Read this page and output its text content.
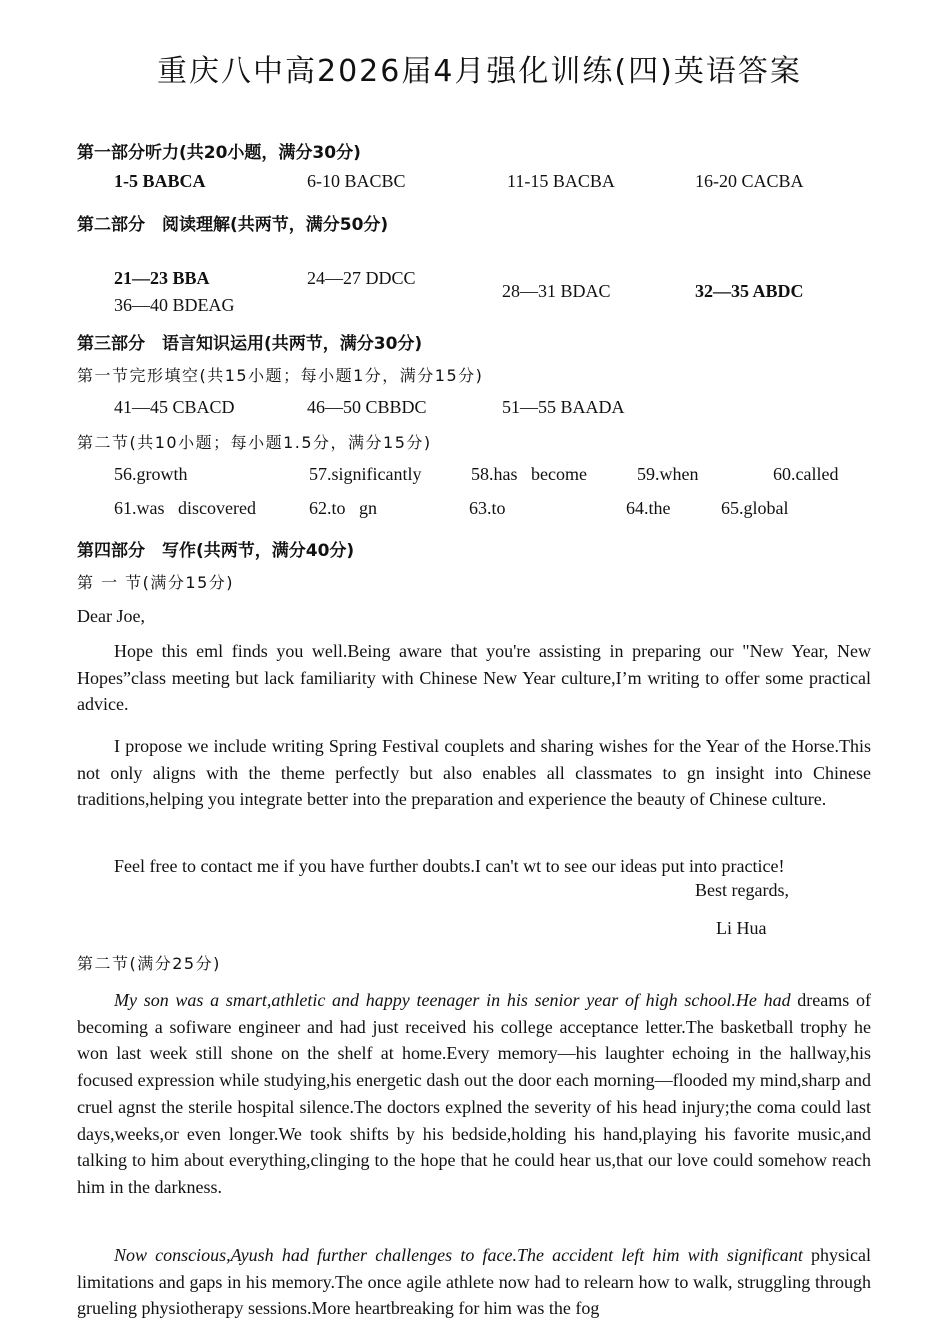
重庆八中高2026届4月强化训练(四)英语答案
第一部分听力(共20小题，满分30分)
1-5 BABCA	6-10 BACBC	11-15 BACBA	16-20 CACBA
第二部分　阅读理解(共两节，满分50分)
21—23 BBA	24—27 DDCC
28—31 BDAC	32—35 ABDC
36—40 BDEAG
第三部分　语言知识运用(共两节，满分30分)
第一节完形填空(共15小题；每小题1分，满分15分)
41—45 CBACD	46—50 CBBDC	51—55 BAADA
第二节(共10小题；每小题1.5分，满分15分)
56.growth	57.significantly	58.has   become	59.when	60.called
61.was   discovered	62.to   gn	63.to	64.the	65.global
第四部分　写作(共两节，满分40分)
第 一 节(满分15分)
Dear Joe,
Hope this eml finds you well.Being aware that you're assisting in preparing our "New Year, New Hopes”class meeting but lack familiarity with Chinese New Year culture,I’m writing to offer some practical advice.
I propose we include writing Spring Festival couplets and sharing wishes for the Year of the Horse.This not only aligns with the theme perfectly but also enables all classmates to gn insight into Chinese traditions,helping you integrate better into the preparation and experience the beauty of Chinese culture.
Feel free to contact me if you have further doubts.I can't wt to see our ideas put into practice!
Best regards,
Li Hua
第二节(满分25分)
My son was a smart,athletic and happy teenager in his senior year of high school.He had dreams of becoming a sofiware engineer and had just received his college acceptance letter.The basketball trophy he won last week still shone on the shelf at home.Every memory—his laughter echoing in the hallway,his focused expression while studying,his energetic dash out the door each morning—flooded my mind,sharp and cruel agnst the sterile hospital silence.The doctors explned the severity of his head injury;the coma could last days,weeks,or even longer.We took shifts by his bedside,holding his hand,playing his favorite music,and talking to him about everything,clinging to the hope that he could hear us,that our love could somehow reach him in the darkness.
Now conscious,Ayush had further challenges to face.The accident left him with significant physical limitations and gaps in his memory.The once agile athlete now had to relearn how to walk, struggling through grueling physiotherapy sessions.More heartbreaking for him was the fog
